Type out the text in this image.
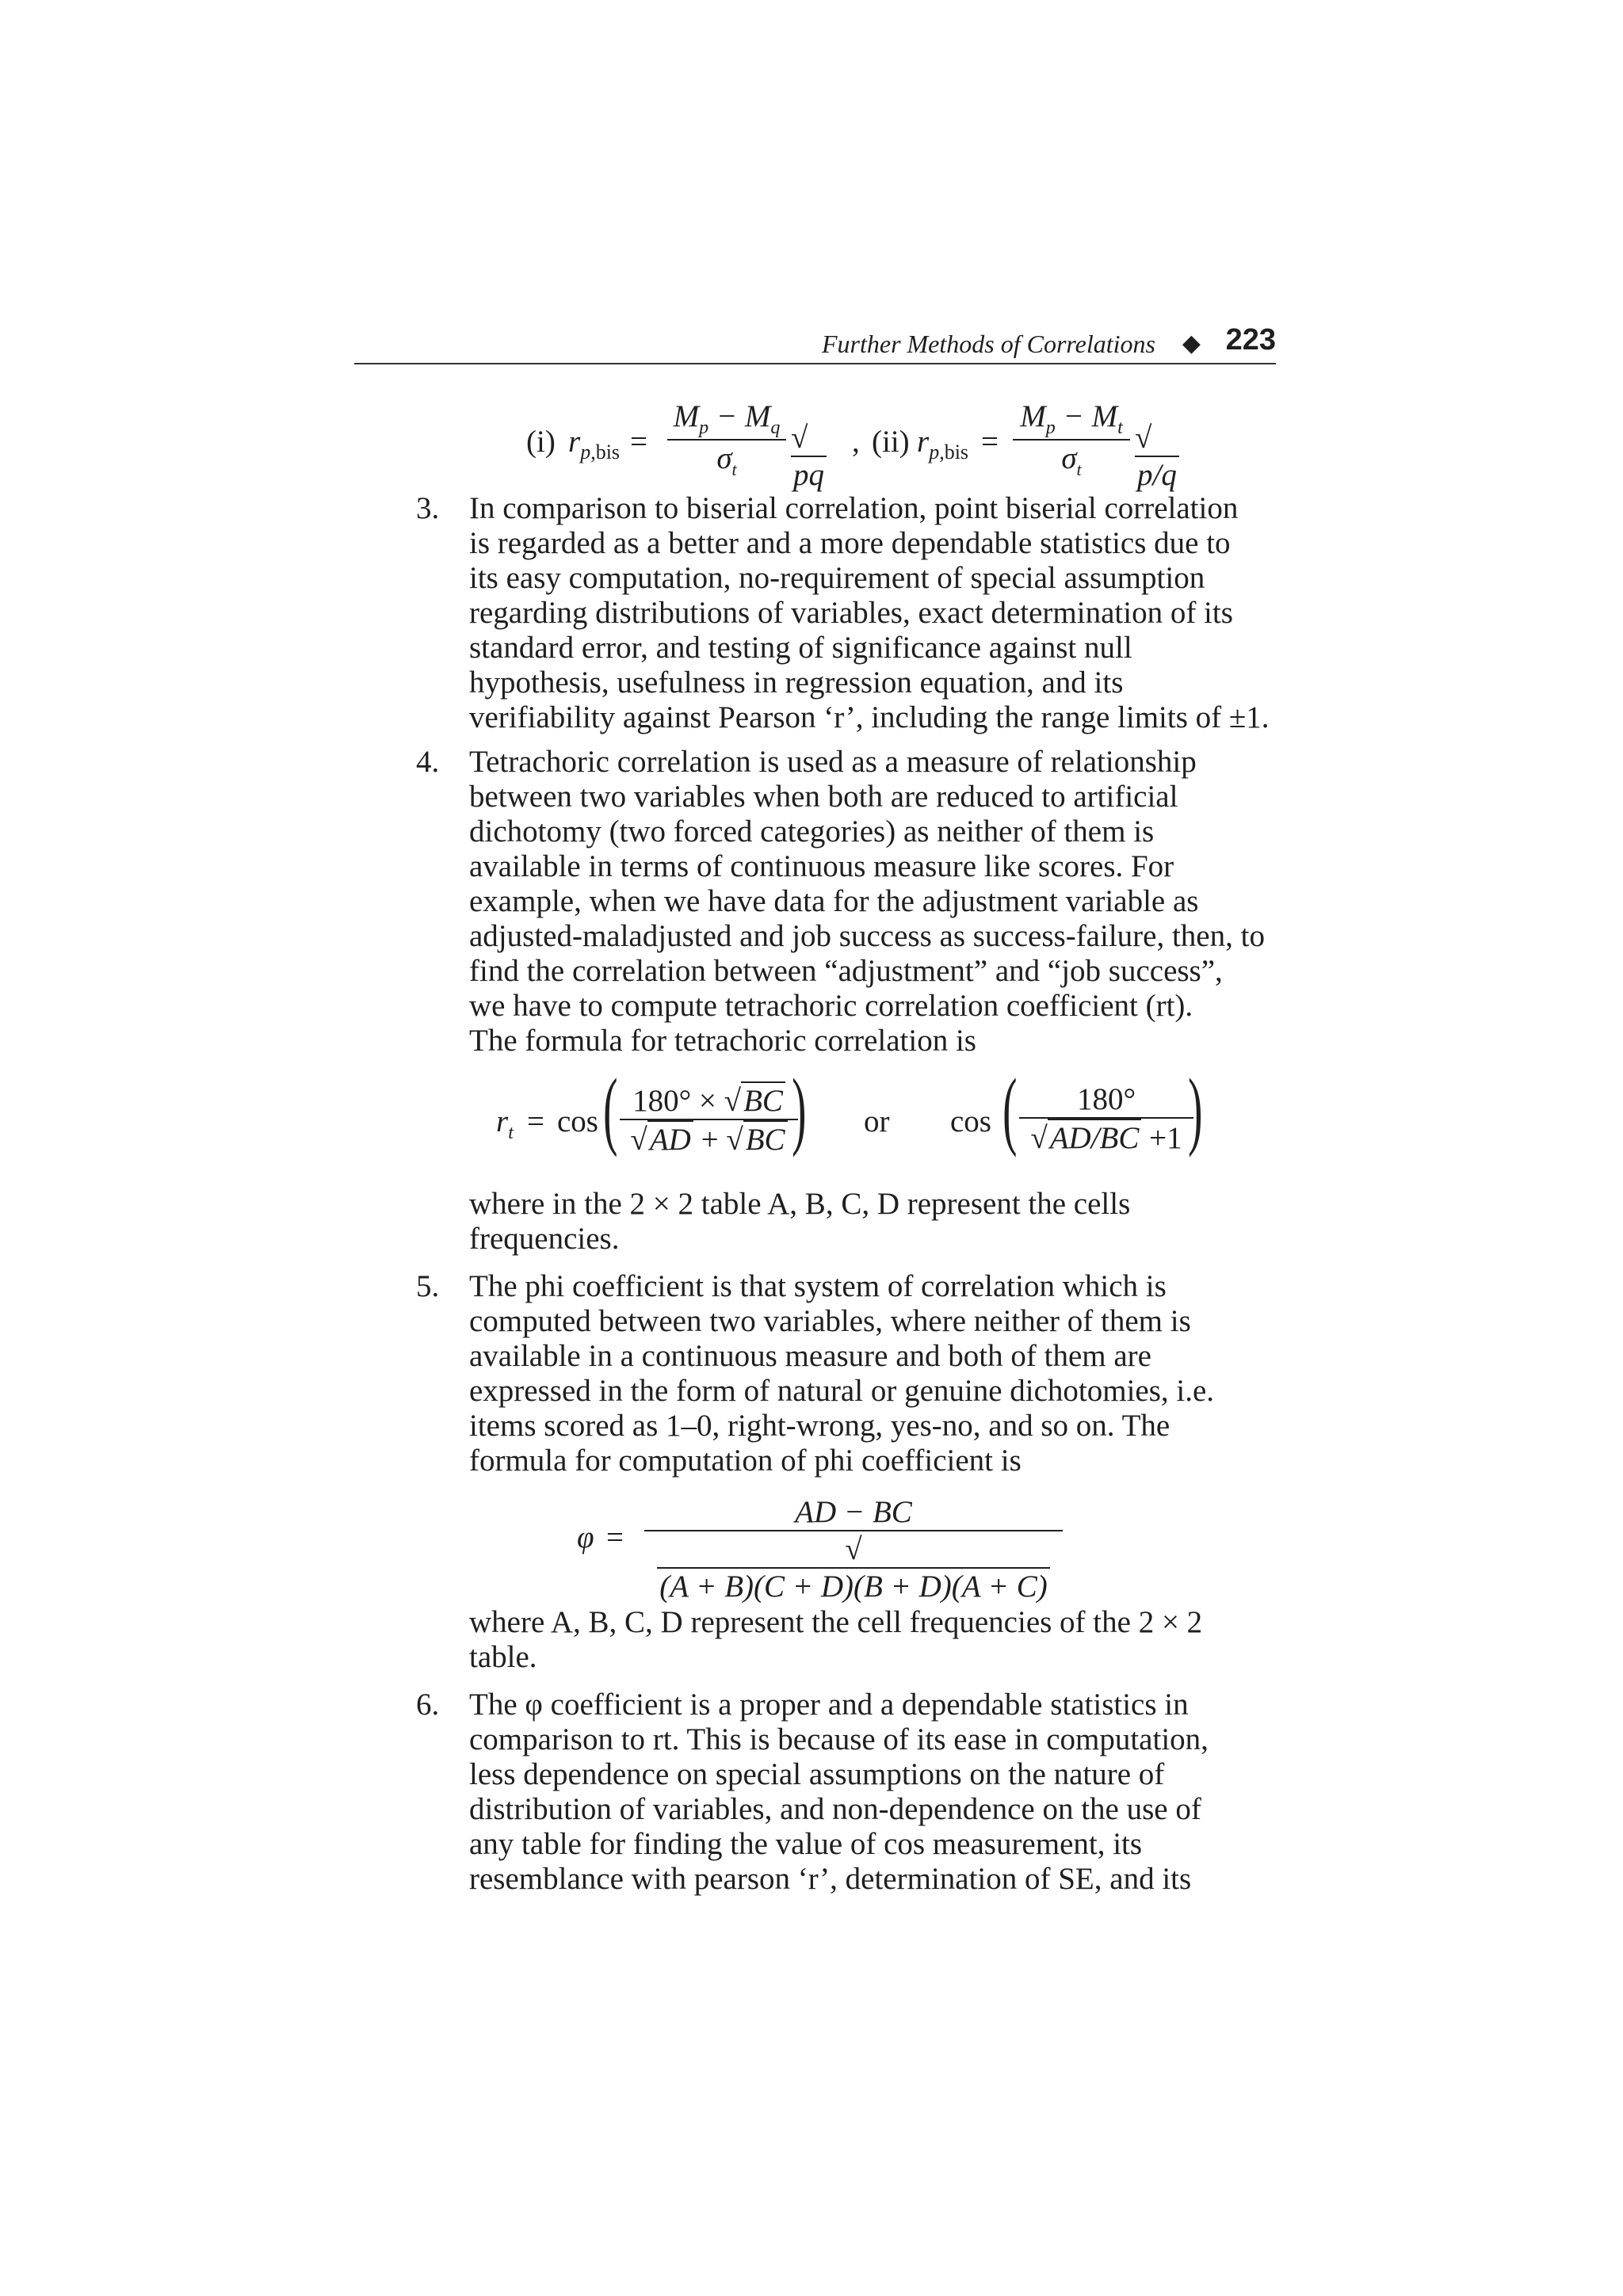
Further Methods of Correlations ◆ 223
(i) $r_{p,bis}$ =
$M_p - M_q$
$\sigma_t$
√pq
, (ii) $r_{p,bis}$ =
$M_p - M_t$
$\sigma_t$
√p/q
3. In comparison to biserial correlation, point biserial correlation
is regarded as a better and a more dependable statistics due to
its easy computation, no-requirement of special assumption
regarding distributions of variables, exact determination of its
standard error, and testing of significance against null
hypothesis, usefulness in regression equation, and its
verifiability against Pearson ‘r’, including the range limits of ±1.
4. Tetrachoric correlation is used as a measure of relationship
between two variables when both are reduced to artificial
dichotomy (two forced categories) as neither of them is
available in terms of continuous measure like scores. For
example, when we have data for the adjustment variable as
adjusted-maladjusted and job success as success-failure, then, to
find the correlation between “adjustment” and “job success”,
we have to compute tetrachoric correlation coefficient (rt).
The formula for tetrachoric correlation is
$r_t = \cos$ ( 180° × √BC
√AD + √BC ) or cos (	180°
√AD/BC +1 )
where in the 2 × 2 table A, B, C, D represent the cells
frequencies.
5. The phi coefficient is that system of correlation which is
computed between two variables, where neither of them is
available in a continuous measure and both of them are
expressed in the form of natural or genuine dichotomies, i.e.
items scored as 1–0, right-wrong, yes-no, and so on. The
formula for computation of phi coefficient is
φ =
AD − BC
√(A + B)(C + D)(B + D)(A + C)
where A, B, C, D represent the cell frequencies of the 2 × 2
table.
6. The φ coefficient is a proper and a dependable statistics in
comparison to rt. This is because of its ease in computation,
less dependence on special assumptions on the nature of
distribution of variables, and non-dependence on the use of
any table for finding the value of cos measurement, its
resemblance with pearson ‘r’, determination of SE, and its
